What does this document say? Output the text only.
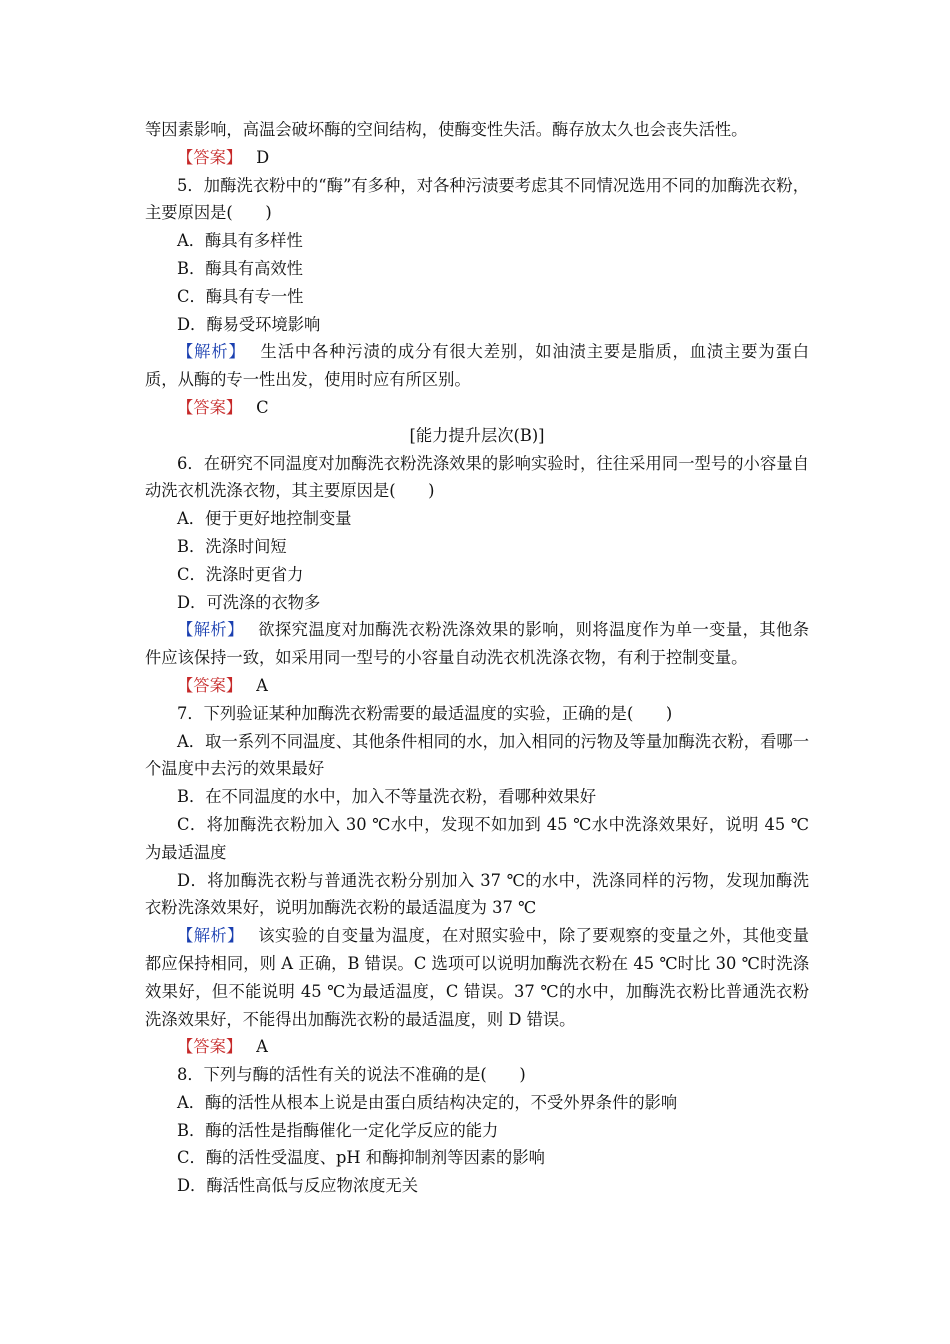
等因素影响，高温会破坏酶的空间结构，使酶变性失活。酶存放太久也会丧失活性。

【答案】 D

5．加酶洗衣粉中的“酶”有多种，对各种污渍要考虑其不同情况选用不同的加酶洗衣粉，主要原因是(　　)

A．酶具有多样性

B．酶具有高效性

C．酶具有专一性

D．酶易受环境影响

【解析】 生活中各种污渍的成分有很大差别，如油渍主要是脂质，血渍主要为蛋白质，从酶的专一性出发，使用时应有所区别。

【答案】 C

[能力提升层次(B)]

6．在研究不同温度对加酶洗衣粉洗涤效果的影响实验时，往往采用同一型号的小容量自动洗衣机洗涤衣物，其主要原因是(　　)

A．便于更好地控制变量

B．洗涤时间短

C．洗涤时更省力

D．可洗涤的衣物多

【解析】 欲探究温度对加酶洗衣粉洗涤效果的影响，则将温度作为单一变量，其他条件应该保持一致，如采用同一型号的小容量自动洗衣机洗涤衣物，有利于控制变量。

【答案】 A

7．下列验证某种加酶洗衣粉需要的最适温度的实验，正确的是(　　)

A．取一系列不同温度、其他条件相同的水，加入相同的污物及等量加酶洗衣粉，看哪一个温度中去污的效果最好

B．在不同温度的水中，加入不等量洗衣粉，看哪种效果好

C．将加酶洗衣粉加入 30 ℃水中，发现不如加到 45 ℃水中洗涤效果好，说明 45 ℃为最适温度

D．将加酶洗衣粉与普通洗衣粉分别加入 37 ℃的水中，洗涤同样的污物，发现加酶洗衣粉洗涤效果好，说明加酶洗衣粉的最适温度为 37 ℃

【解析】 该实验的自变量为温度，在对照实验中，除了要观察的变量之外，其他变量都应保持相同，则 A 正确，B 错误。C 选项可以说明加酶洗衣粉在 45 ℃时比 30 ℃时洗涤效果好，但不能说明 45 ℃为最适温度，C 错误。37 ℃的水中，加酶洗衣粉比普通洗衣粉洗涤效果好，不能得出加酶洗衣粉的最适温度，则 D 错误。

【答案】 A

8．下列与酶的活性有关的说法不准确的是(　　)

A．酶的活性从根本上说是由蛋白质结构决定的，不受外界条件的影响

B．酶的活性是指酶催化一定化学反应的能力

C．酶的活性受温度、pH 和酶抑制剂等因素的影响

D．酶活性高低与反应物浓度无关
